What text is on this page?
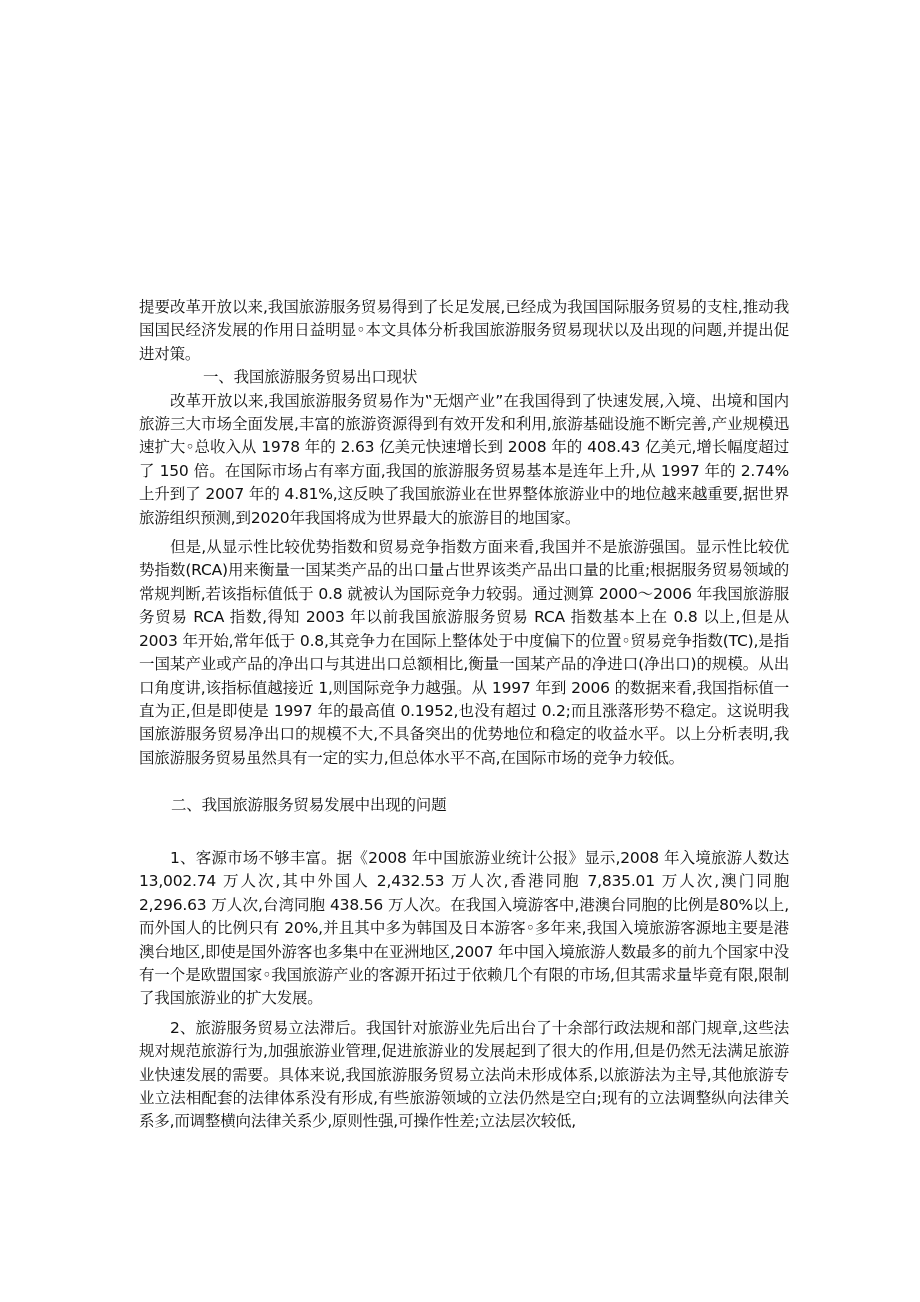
提要改革开放以来,我国旅游服务贸易得到了长足发展,已经成为我国国际服务贸易的支柱,推动我国国民经济发展的作用日益明显◦本文具体分析我国旅游服务贸易现状以及出现的问题,并提出促进对策。

一、我国旅游服务贸易出口现状

改革开放以来,我国旅游服务贸易作为‟无烟产业”在我国得到了快速发展,入境、出境和国内旅游三大市场全面发展,丰富的旅游资源得到有效开发和利用,旅游基础设施不断完善,产业规模迅速扩大◦总收入从 1978 年的 2.63 亿美元快速增长到 2008 年的 408.43 亿美元,增长幅度超过了 150 倍。在国际市场占有率方面,我国的旅游服务贸易基本是连年上升,从 1997 年的 2.74%上升到了 2007 年的 4.81%,这反映了我国旅游业在世界整体旅游业中的地位越来越重要,据世界旅游组织预测,到2020年我国将成为世界最大的旅游目的地国家。

但是,从显示性比较优势指数和贸易竞争指数方面来看,我国并不是旅游强国。显示性比较优势指数(RCA)用来衡量一国某类产品的出口量占世界该类产品出口量的比重;根据服务贸易领域的常规判断,若该指标值低于 0.8 就被认为国际竞争力较弱。通过测算 2000～2006 年我国旅游服务贸易 RCA 指数,得知 2003 年以前我国旅游服务贸易 RCA 指数基本上在 0.8 以上,但是从 2003 年开始,常年低于 0.8,其竞争力在国际上整体处于中度偏下的位置◦贸易竞争指数(TC),是指一国某产业或产品的净出口与其进出口总额相比,衡量一国某产品的净进口(净出口)的规模。从出口角度讲,该指标值越接近 1,则国际竞争力越强。从 1997 年到 2006 的数据来看,我国指标值一直为正,但是即使是 1997 年的最高值 0.1952,也没有超过 0.2;而且涨落形势不稳定。这说明我国旅游服务贸易净出口的规模不大,不具备突出的优势地位和稳定的收益水平。以上分析表明,我国旅游服务贸易虽然具有一定的实力,但总体水平不高,在国际市场的竞争力较低。

二、我国旅游服务贸易发展中出现的问题

1、客源市场不够丰富。据《2008 年中国旅游业统计公报》显示,2008 年入境旅游人数达 13,002.74 万人次,其中外国人 2,432.53 万人次,香港同胞 7,835.01 万人次,澳门同胞 2,296.63 万人次,台湾同胞 438.56 万人次。在我国入境游客中,港澳台同胞的比例是80%以上,而外国人的比例只有 20%,并且其中多为韩国及日本游客◦多年来,我国入境旅游客源地主要是港澳台地区,即使是国外游客也多集中在亚洲地区,2007 年中国入境旅游人数最多的前九个国家中没有一个是欧盟国家◦我国旅游产业的客源开拓过于依赖几个有限的市场,但其需求量毕竟有限,限制了我国旅游业的扩大发展。

2、旅游服务贸易立法滞后。我国针对旅游业先后出台了十余部行政法规和部门规章,这些法规对规范旅游行为,加强旅游业管理,促进旅游业的发展起到了很大的作用,但是仍然无法满足旅游业快速发展的需要。具体来说,我国旅游服务贸易立法尚未形成体系,以旅游法为主导,其他旅游专业立法相配套的法律体系没有形成,有些旅游领域的立法仍然是空白;现有的立法调整纵向法律关系多,而调整横向法律关系少,原则性强,可操作性差;立法层次较低,
